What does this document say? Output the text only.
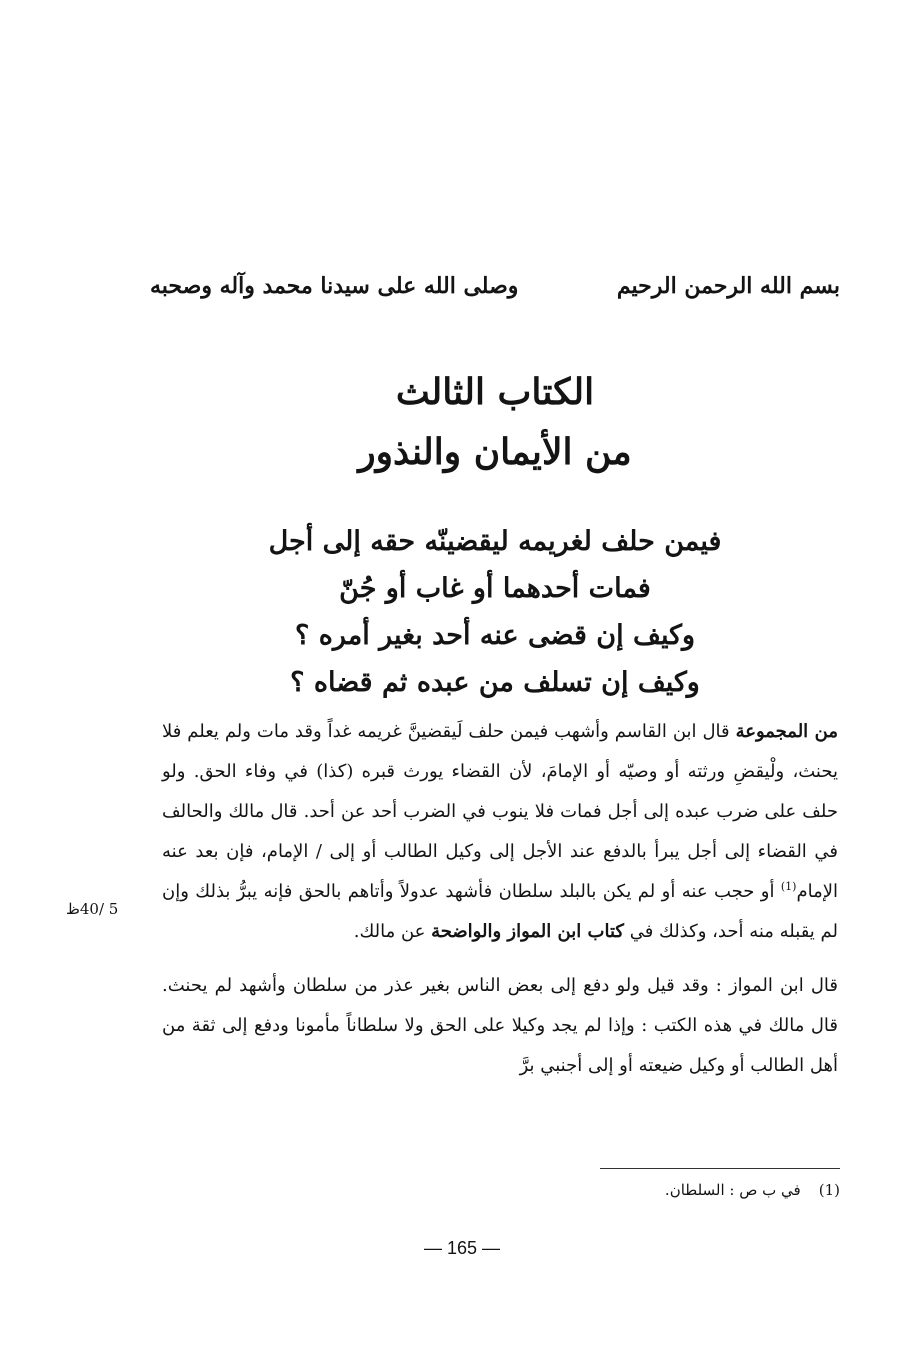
بسم الله الرحمن الرحيم
وصلى الله على سيدنا محمد وآله وصحبه
الكتاب الثالث
من الأيمان والنذور
فيمن حلف لغريمه ليقضينّه حقه إلى أجل
فمات أحدهما أو غاب أو جُنّ
وكيف إن قضى عنه أحد بغير أمره ؟
وكيف إن تسلف من عبده ثم قضاه ؟

من المجموعة قال ابن القاسم وأشهب فيمن حلف لَيقضينَّ غريمه غداً وقد مات ولم يعلم فلا يحنث، ولْيقضِ ورثته أو وصيّه أو الإمامَ، لأن القضاء يورث قبره (كذا) في وفاء الحق. ولو حلف على ضرب عبده إلى أجل فمات فلا ينوب في الضرب أحد عن أحد. قال مالك والحالف في القضاء إلى أجل يبرأ بالدفع عند الأجل إلى وكيل الطالب أو إلى / الإمام، فإن بعد عنه الإمام$^{(1)}$ أو حجب عنه أو لم يكن بالبلد سلطان فأشهد عدولاً وأتاهم بالحق فإنه يبرُّ بذلك وإن لم يقبله منه أحد، وكذلك في كتاب ابن المواز والواضحة عن مالك.

قال ابن المواز : وقد قيل ولو دفع إلى بعض الناس بغير عذر من سلطان وأشهد لم يحنث. قال مالك في هذه الكتب : وإذا لم يجد وكيلا على الحق ولا سلطاناً مأمونا ودفع إلى ثقة من أهل الطالب أو وكيل ضيعته أو إلى أجنبي برَّ

5 /40ظ
(1)في ب ص : السلطان.
— 165 —
